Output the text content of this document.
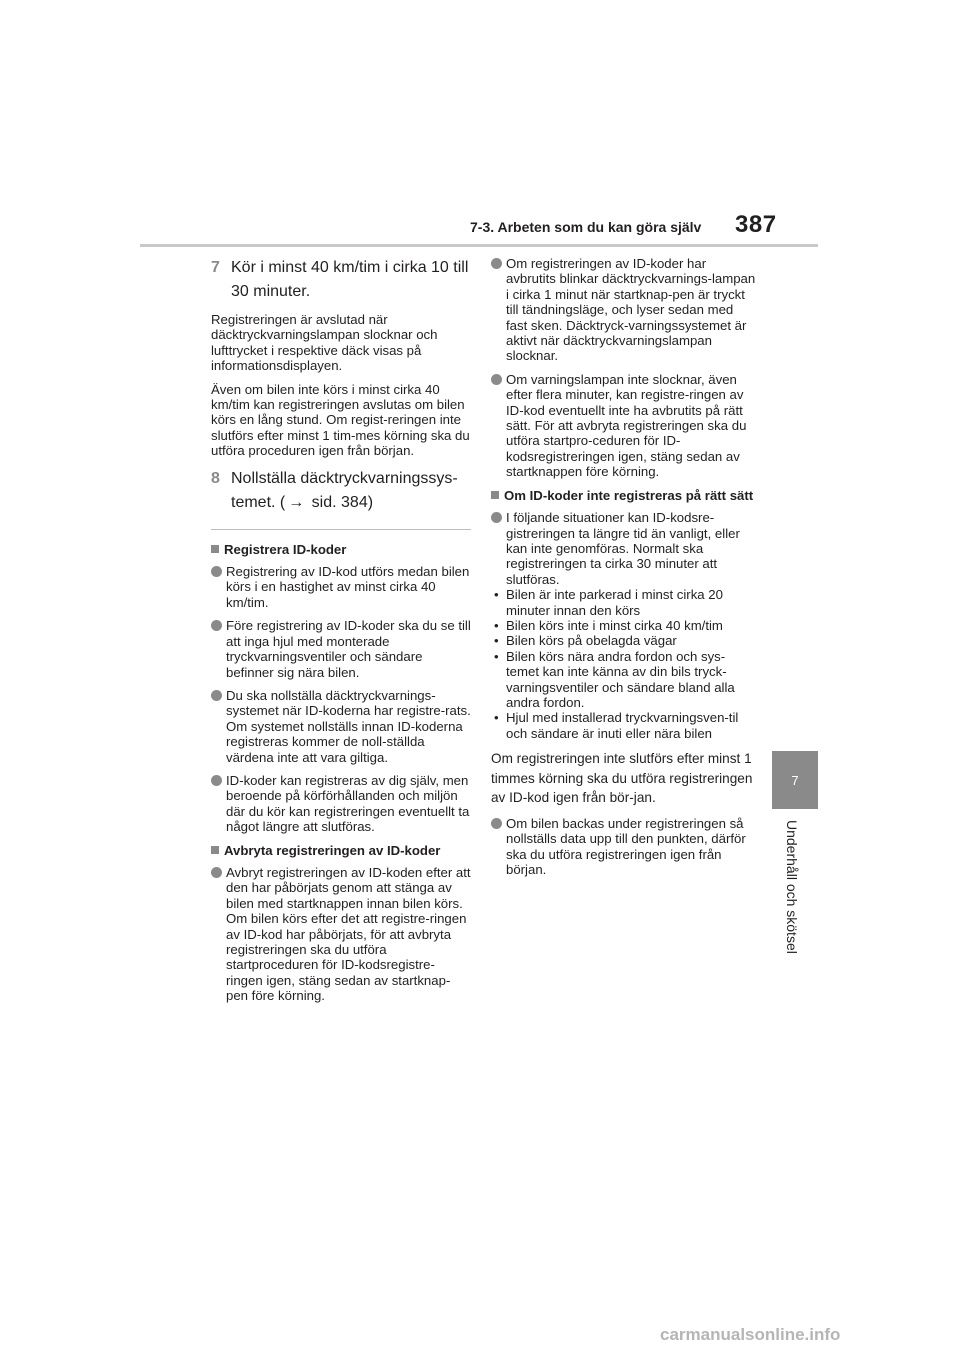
7-3. Arbeten som du kan göra själv 387
7
Underhåll och skötsel
7 Kör i minst 40 km/tim i cirka 10 till 30 minuter.

Registreringen är avslutad när däcktryckvarningslampan slocknar och lufttrycket i respektive däck visas på informationsdisplayen.

Även om bilen inte körs i minst cirka 40 km/tim kan registreringen avslutas om bilen körs en lång stund. Om regist-reringen inte slutförs efter minst 1 tim-mes körning ska du utföra proceduren igen från början.

8 Nollställa däcktryckvarningssys-temet. ( → sid. 384)
Registrera ID-koder
Registrering av ID-kod utförs medan bilen körs i en hastighet av minst cirka 40 km/tim.
Före registrering av ID-koder ska du se till att inga hjul med monterade tryckvarningsventiler och sändare befinner sig nära bilen.
Du ska nollställa däcktryckvarnings-systemet när ID-koderna har registre-rats. Om systemet nollställs innan ID-koderna registreras kommer de noll-ställda värdena inte att vara giltiga.
ID-koder kan registreras av dig själv, men beroende på körförhållanden och miljön där du kör kan registreringen eventuellt ta något längre att slutföras.
Avbryta registreringen av ID-koder
Avbryt registreringen av ID-koden efter att den har påbörjats genom att stänga av bilen med startknappen innan bilen körs.
Om bilen körs efter det att registre-ringen av ID-kod har påbörjats, för att avbryta registreringen ska du utföra startproceduren för ID-kodsregistre-ringen igen, stäng sedan av startknap-pen före körning.
Om registreringen av ID-koder har avbrutits blinkar däcktryckvarnings-lampan i cirka 1 minut när startknap-pen är tryckt till tändningsläge, och lyser sedan med fast sken. Däcktryck-varningssystemet är aktivt när däcktryckvarningslampan slocknar.
Om varningslampan inte slocknar, även efter flera minuter, kan registre-ringen av ID-kod eventuellt inte ha avbrutits på rätt sätt. För att avbryta registreringen ska du utföra startpro-ceduren för ID-kodsregistreringen igen, stäng sedan av startknappen före körning.
Om ID-koder inte registreras på rätt sätt
I följande situationer kan ID-kodsre-gistreringen ta längre tid än vanligt, eller kan inte genomföras. Normalt ska registreringen ta cirka 30 minuter att slutföras.
• Bilen är inte parkerad i minst cirka 20 minuter innan den körs
• Bilen körs inte i minst cirka 40 km/tim
• Bilen körs på obelagda vägar
• Bilen körs nära andra fordon och sys-temet kan inte känna av din bils tryck-varningsventiler och sändare bland alla andra fordon.
• Hjul med installerad tryckvarningsven-til och sändare är inuti eller nära bilen

Om registreringen inte slutförs efter minst 1 timmes körning ska du utföra registreringen av ID-kod igen från bör-jan.

Om bilen backas under registreringen så nollställs data upp till den punkten, därför ska du utföra registreringen igen från början.
carmanualsonline.info
